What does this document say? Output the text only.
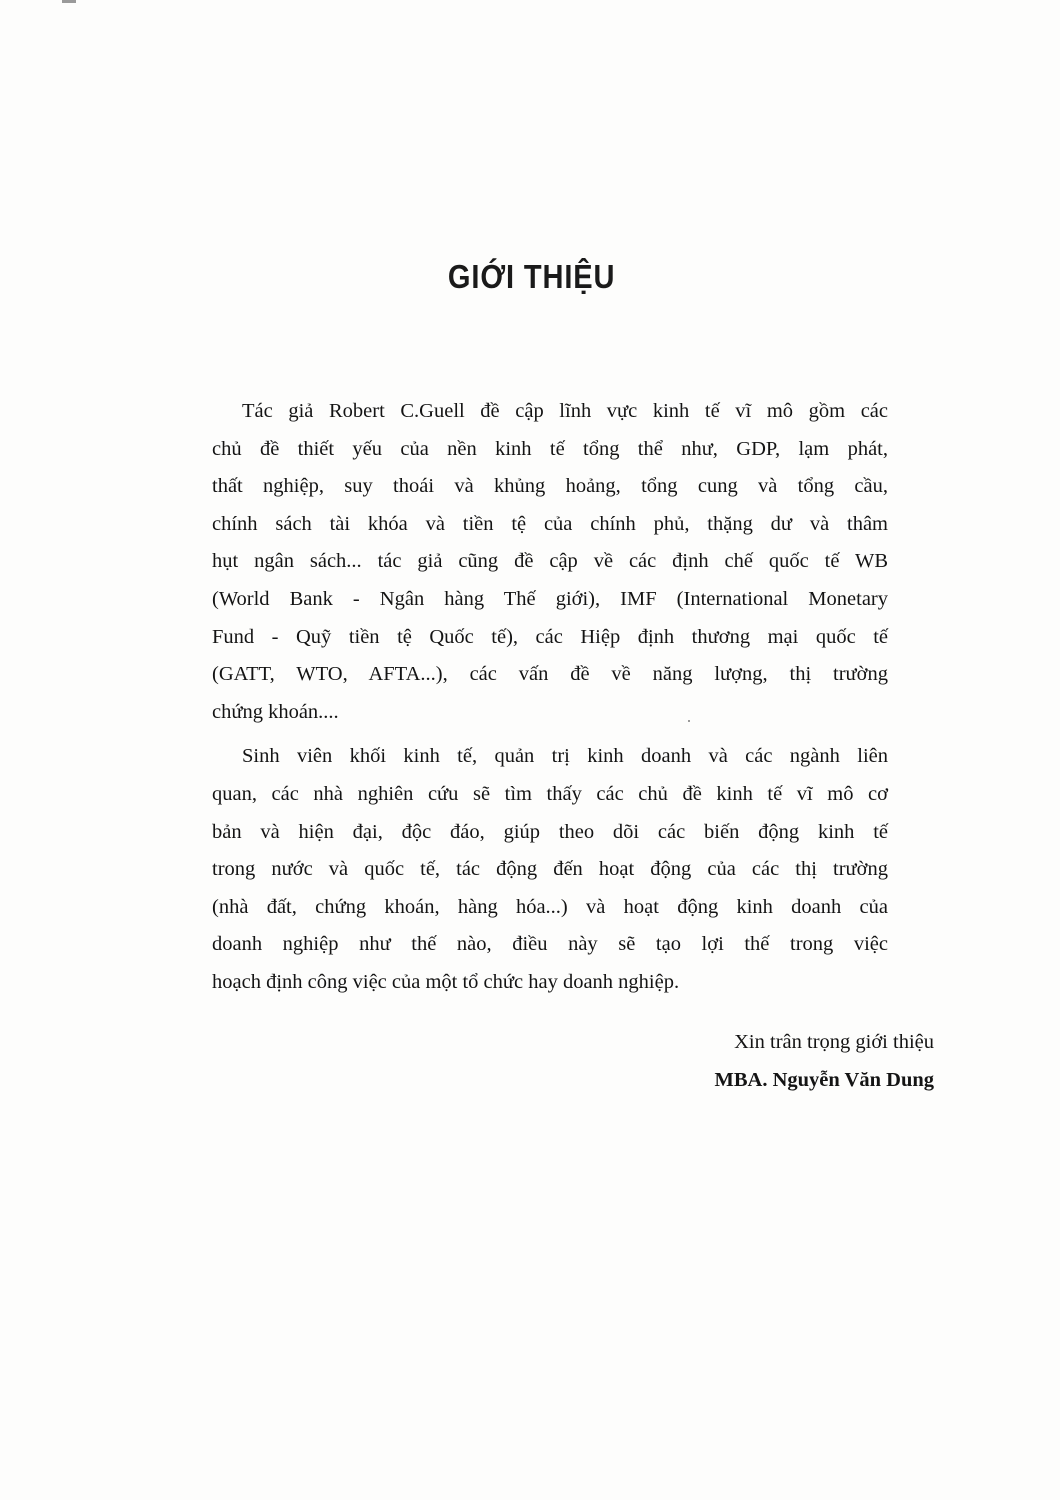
GIỚI THIỆU
Tác giả Robert C.Guell đề cập lĩnh vực kinh tế vĩ mô gồm các
chủ đề thiết yếu của nền kinh tế tổng thể như, GDP, lạm phát,
thất nghiệp, suy thoái và khủng hoảng, tổng cung và tổng cầu,
chính sách tài khóa và tiền tệ của chính phủ, thặng dư và thâm
hụt ngân sách... tác giả cũng đề cập về các định chế quốc tế WB
(World Bank - Ngân hàng Thế giới), IMF (International Monetary
Fund - Quỹ tiền tệ Quốc tế), các Hiệp định thương mại quốc tế
(GATT, WTO, AFTA...), các vấn đề về năng lượng, thị trường
chứng khoán....
Sinh viên khối kinh tế, quản trị kinh doanh và các ngành liên
quan, các nhà nghiên cứu sẽ tìm thấy các chủ đề kinh tế vĩ mô cơ
bản và hiện đại, độc đáo, giúp theo dõi các biến động kinh tế
trong nước và quốc tế, tác động đến hoạt động của các thị trường
(nhà đất, chứng khoán, hàng hóa...) và hoạt động kinh doanh của
doanh nghiệp như thế nào, điều này sẽ tạo lợi thế trong việc
hoạch định công việc của một tổ chức hay doanh nghiệp.
Xin trân trọng giới thiệu
MBA. Nguyễn Văn Dung
